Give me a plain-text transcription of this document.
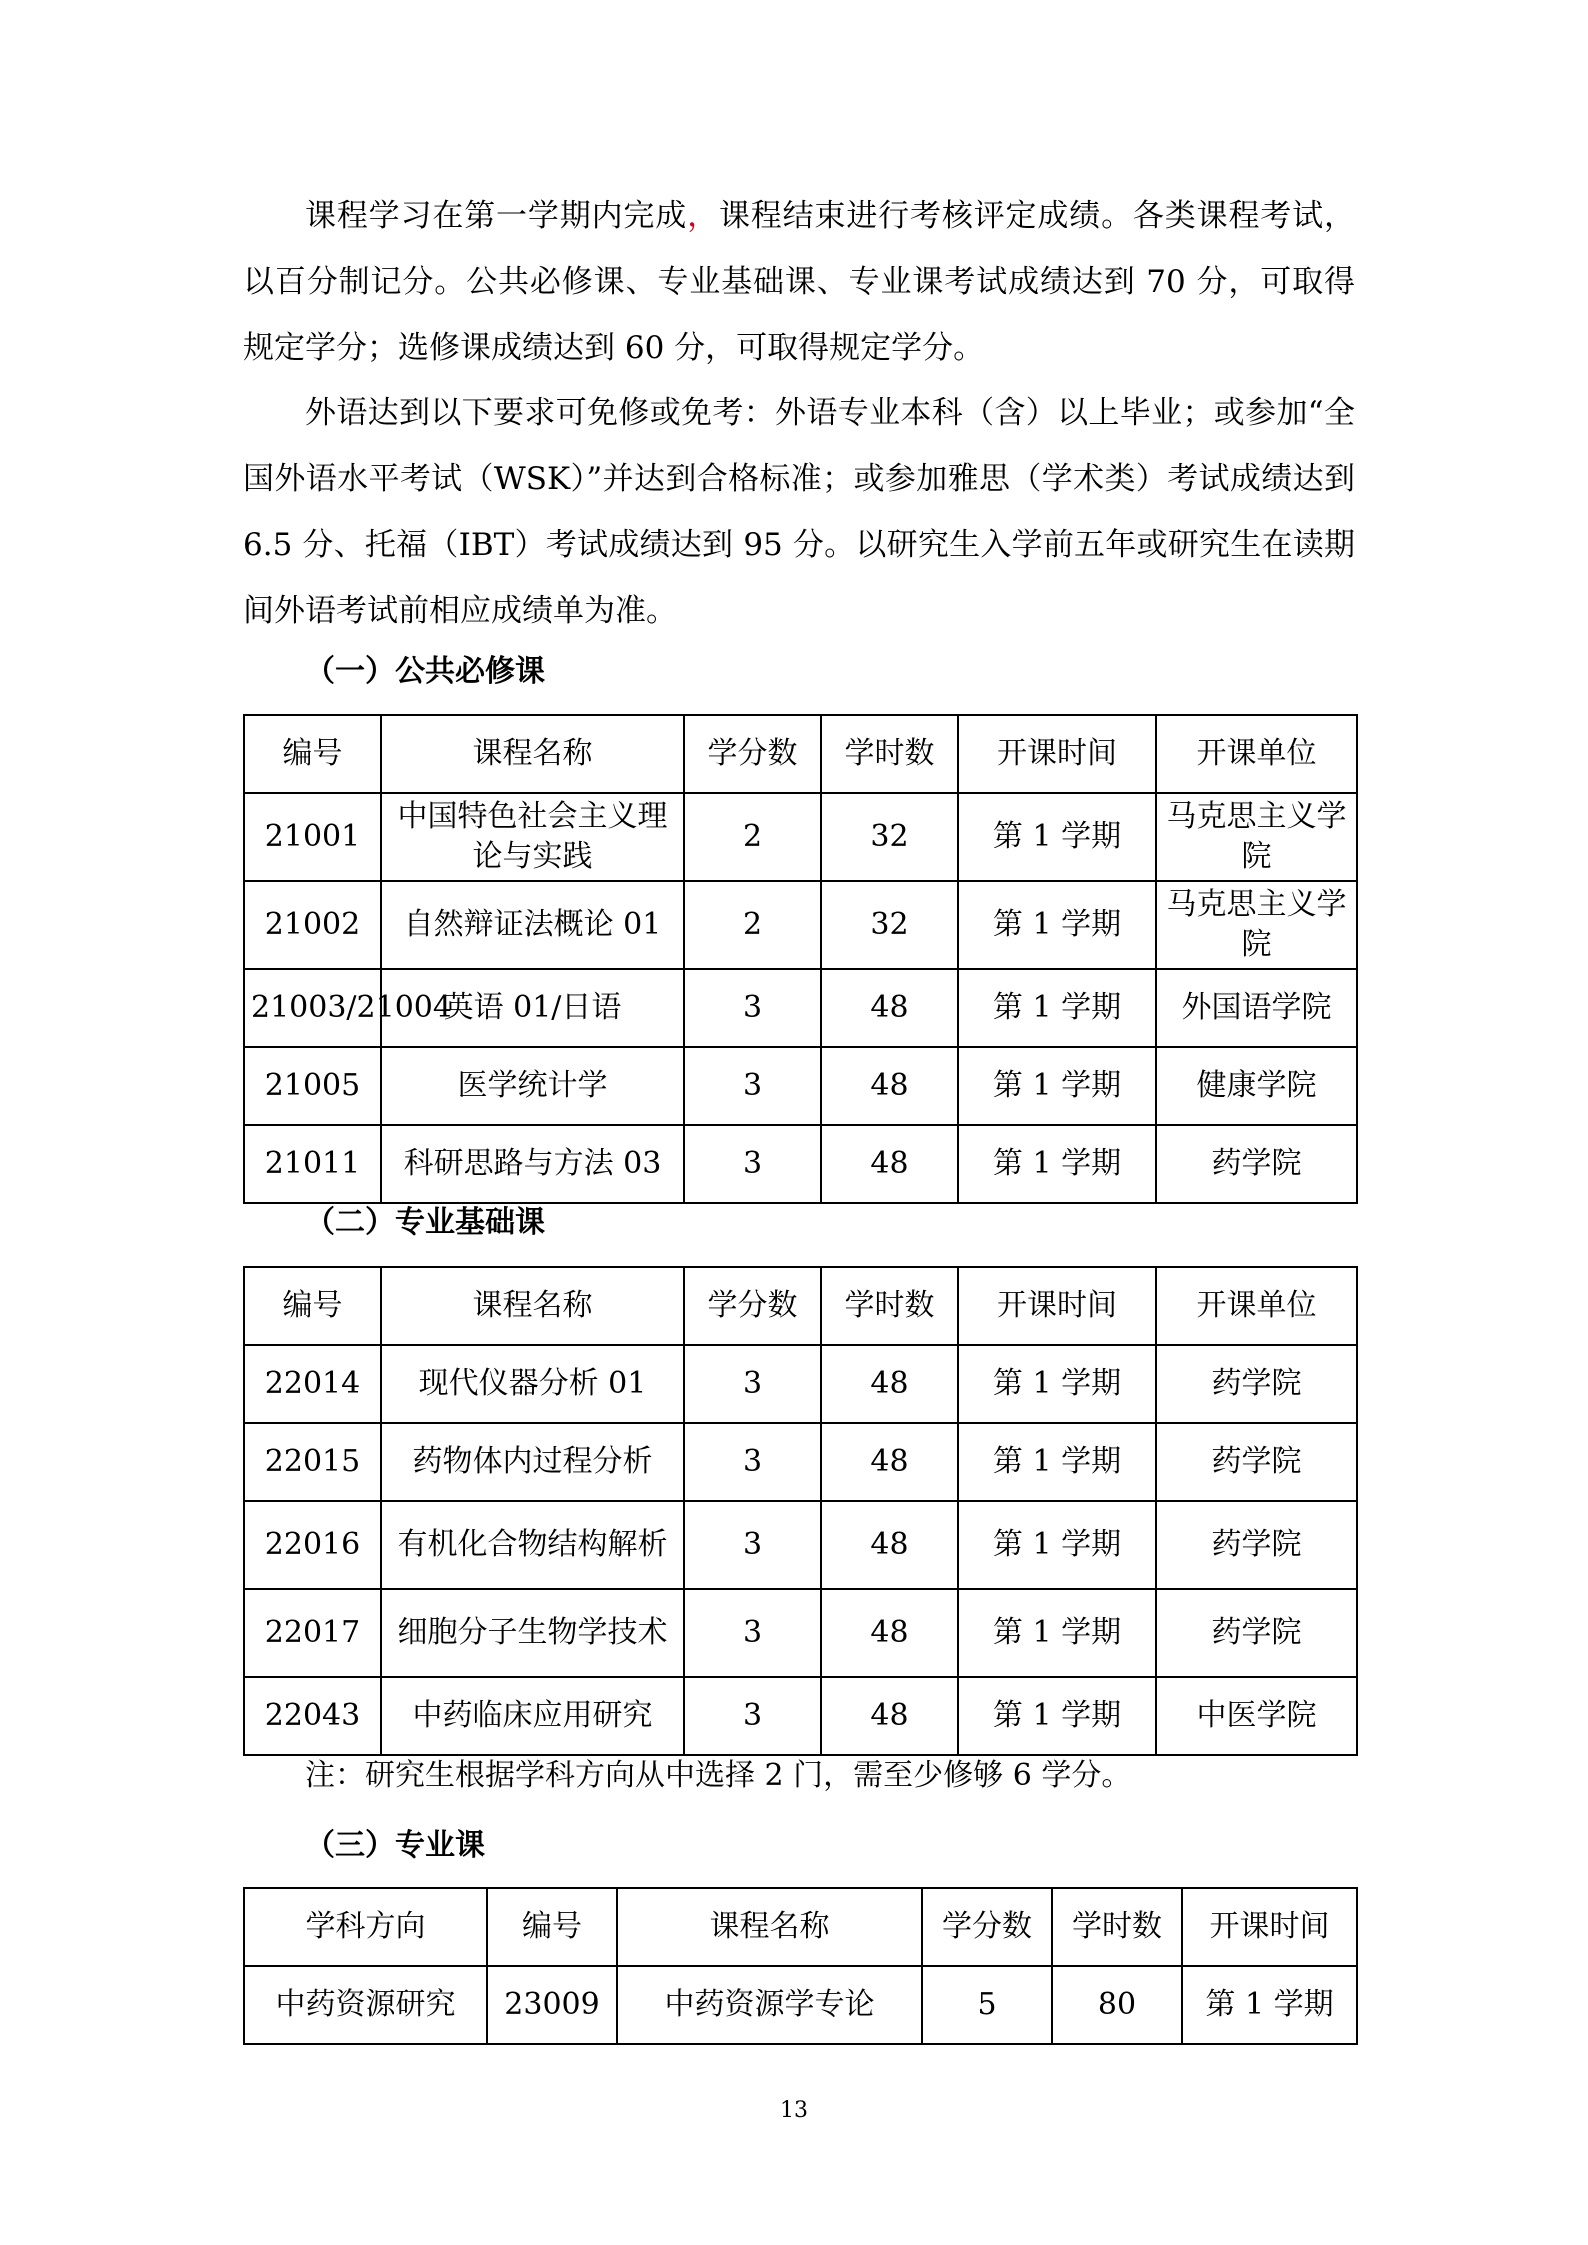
课程学习在第一学期内完成，课程结束进行考核评定成绩。各类课程考试，以百分制记分。公共必修课、专业基础课、专业课考试成绩达到 70 分，可取得规定学分；选修课成绩达到 60 分，可取得规定学分。

外语达到以下要求可免修或免考：外语专业本科（含）以上毕业；或参加“全国外语水平考试（WSK）”并达到合格标准；或参加雅思（学术类）考试成绩达到 6.5 分、托福（IBT）考试成绩达到 95 分。以研究生入学前五年或研究生在读期间外语考试前相应成绩单为准。

（一）公共必修课

编号	课程名称	学分数	学时数	开课时间	开课单位
21001	中国特色社会主义理论与实践	2	32	第 1 学期	马克思主义学院
21002	自然辩证法概论 01	2	32	第 1 学期	马克思主义学院
21003/21004	英语 01/日语	3	48	第 1 学期	外国语学院
21005	医学统计学	3	48	第 1 学期	健康学院
21011	科研思路与方法 03	3	48	第 1 学期	药学院

（二）专业基础课

编号	课程名称	学分数	学时数	开课时间	开课单位
22014	现代仪器分析 01	3	48	第 1 学期	药学院
22015	药物体内过程分析	3	48	第 1 学期	药学院
22016	有机化合物结构解析	3	48	第 1 学期	药学院
22017	细胞分子生物学技术	3	48	第 1 学期	药学院
22043	中药临床应用研究	3	48	第 1 学期	中医学院

注：研究生根据学科方向从中选择 2 门，需至少修够 6 学分。

（三）专业课

学科方向	编号	课程名称	学分数	学时数	开课时间
中药资源研究	23009	中药资源学专论	5	80	第 1 学期

13
